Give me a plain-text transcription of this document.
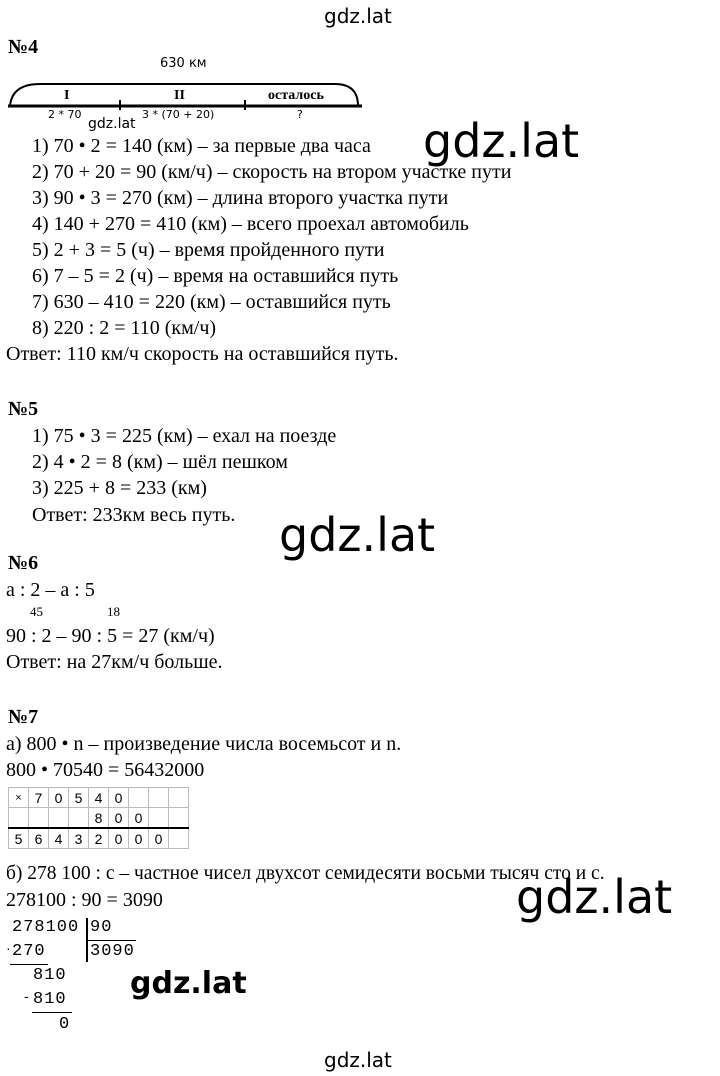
gdz.lat
№4
630 км
I	II	осталось
2 * 70	3 * (70 + 20)	?
gdz.lat
1) 70 • 2 = 140 (км) – за первые два часа
2) 70 + 20 = 90 (км/ч) – скорость на втором участке пути
3) 90 • 3 = 270 (км) – длина второго участка пути
4) 140 + 270 = 410 (км) – всего проехал автомобиль
5) 2 + 3 = 5 (ч) – время пройденного пути
6) 7 – 5 = 2 (ч) – время на оставшийся путь
7) 630 – 410 = 220 (км) – оставшийся путь
8) 220 : 2 = 110 (км/ч)
Ответ: 110 км/ч скорость на оставшийся путь.
gdz.lat
№5
1) 75 • 3 = 225 (км) – ехал на поезде
2) 4 • 2 = 8 (км) – шёл пешком
3) 225 + 8 = 233 (км)
Ответ: 233км весь путь. gdz.lat
№6
a : 2 – a : 5
45	18
90 : 2 – 90 : 5 = 27 (км/ч)
Ответ: на 27км/ч больше.
№7
а) 800 • n – произведение числа восемьсот и n.
800 • 70540 = 56432000
×	7	0	5	4	0			
				8	0	0		
5	6	4	3	2	0	0	0	
б) 278 100 : с – частное чисел двухсот семидесяти восьми тысяч сто и с.
278100 : 90 = 3090	gdz.lat
278100 90
3090
· 270
810
- 810
0
gdz.lat
gdz.lat
